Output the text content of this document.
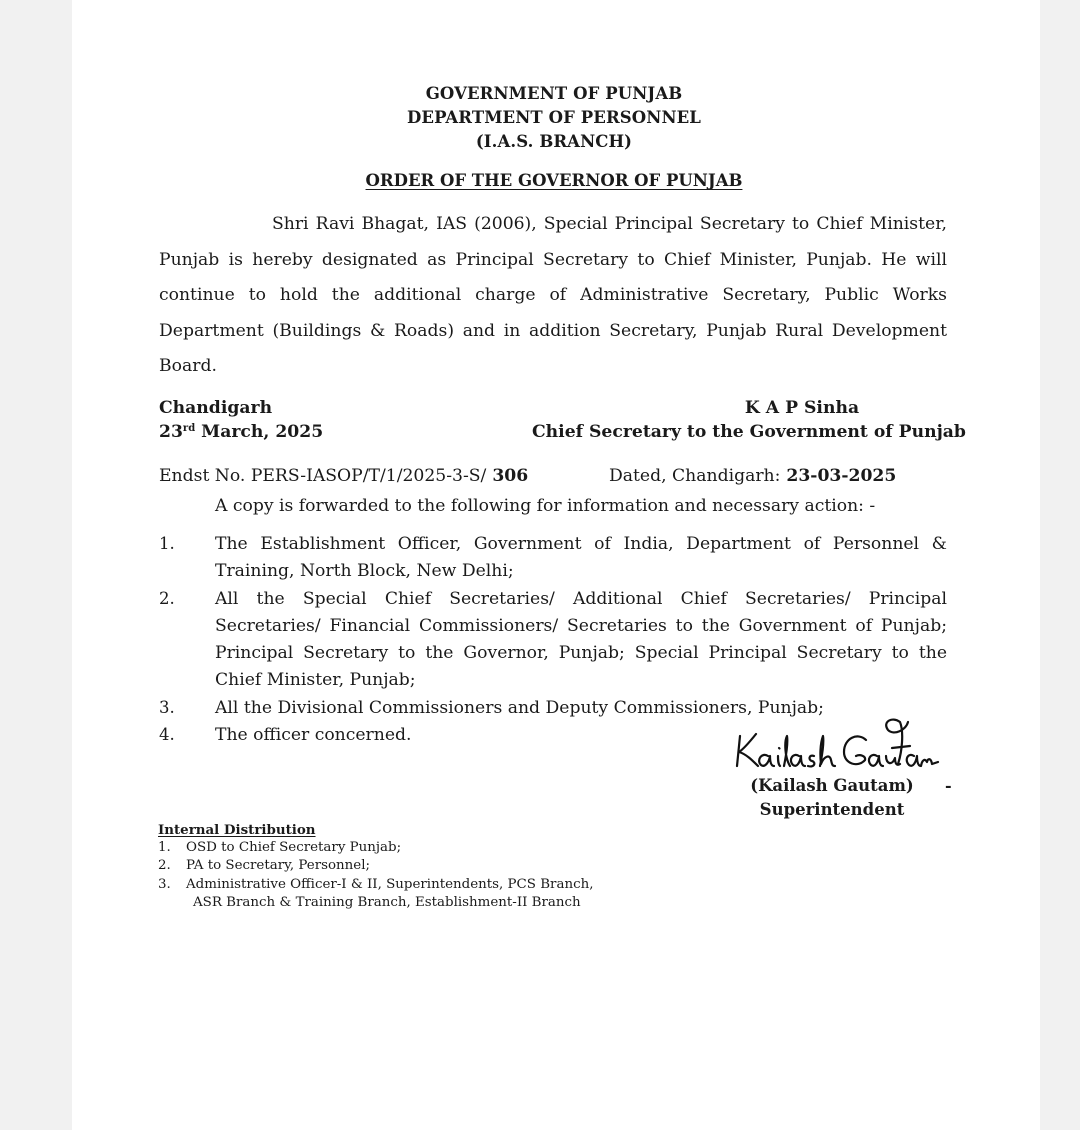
GOVERNMENT OF PUNJAB
DEPARTMENT OF PERSONNEL
(I.A.S. BRANCH)
ORDER OF THE GOVERNOR OF PUNJAB
Shri Ravi Bhagat, IAS (2006), Special Principal Secretary to Chief Minister, Punjab is hereby designated as Principal Secretary to Chief Minister, Punjab. He will continue to hold the additional charge of Administrative Secretary, Public Works Department (Buildings & Roads) and in addition Secretary, Punjab Rural Development Board.
Chandigarh
23rd March, 2025
K A P Sinha
Chief Secretary to the Government of Punjab
Endst No. PERS-IASOP/T/1/2025-3-S/ 306	Dated, Chandigarh: 23-03-2025
A copy is forwarded to the following for information and necessary action: -
1. The Establishment Officer, Government of India, Department of Personnel & Training, North Block, New Delhi;
2. All the Special Chief Secretaries/ Additional Chief Secretaries/ Principal Secretaries/ Financial Commissioners/ Secretaries to the Government of Punjab; Principal Secretary to the Governor, Punjab; Special Principal Secretary to the Chief Minister, Punjab;
3. All the Divisional Commissioners and Deputy Commissioners, Punjab;
4. The officer concerned.
-
(Kailash Gautam)
Superintendent
Internal Distribution
1.	OSD to Chief Secretary Punjab;
2.	PA to Secretary, Personnel;
3.	Administrative Officer-I & II, Superintendents, PCS Branch,
ASR Branch & Training Branch, Establishment-II Branch
